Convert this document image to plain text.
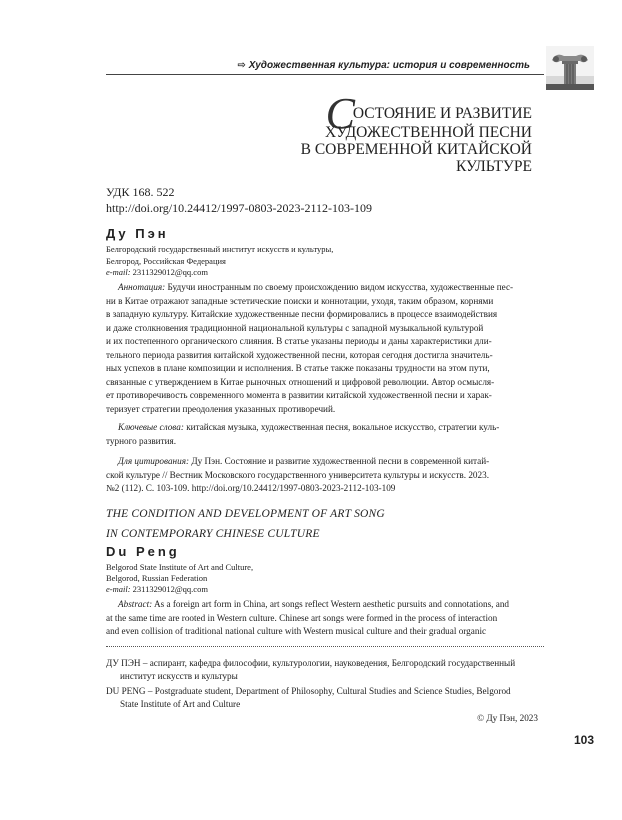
⇨ Художественная культура: история и современность
СОСТОЯНИЕ И РАЗВИТИЕ
ХУДОЖЕСТВЕННОЙ ПЕСНИ
В СОВРЕМЕННОЙ КИТАЙСКОЙ КУЛЬТУРЕ
УДК 168. 522
http://doi.org/10.24412/1997-0803-2023-2112-103-109
Ду Пэн
Белгородский государственный институт искусств и культуры,
Белгород, Российская Федерация
e-mail: 2311329012@qq.com
Аннотация: Будучи иностранным по своему происхождению видом искусства, художественные пес-
ни в Китае отражают западные эстетические поиски и коннотации, уходя, таким образом, корнями
в западную культуру. Китайские художественные песни формировались в процессе взаимодействия
и даже столкновения традиционной национальной культуры с западной музыкальной культурой
и их постепенного органического слияния. В статье указаны периоды и даны характеристики дли-
тельного периода развития китайской художественной песни, которая сегодня достигла значитель-
ных успехов в плане композиции и исполнения. В статье также показаны трудности на этом пути,
связанные с утверждением в Китае рыночных отношений и цифровой революции. Автор осмысля-
ет противоречивость современного момента в развитии китайской художественной песни и харак-
теризует стратегии преодоления указанных противоречий.
Ключевые слова: китайская музыка, художественная песня, вокальное искусство, стратегии куль-
турного развития.
Для цитирования: Ду Пэн. Состояние и развитие художественной песни в современной китай-
ской культуре // Вестник Московского государственного университета культуры и искусств. 2023.
№2 (112). С. 103-109. http://doi.org/10.24412/1997-0803-2023-2112-103-109
THE CONDITION AND DEVELOPMENT OF ART SONG
IN CONTEMPORARY CHINESE CULTURE
Du Peng
Belgorod State Institute of Art and Culture,
Belgorod, Russian Federation
e-mail: 2311329012@qq.com
Abstract: As a foreign art form in China, art songs reflect Western aesthetic pursuits and connotations, and
at the same time are rooted in Western culture. Chinese art songs were formed in the process of interaction
and even collision of traditional national culture with Western musical culture and their gradual organic
ДУ ПЭН – аспирант, кафедра философии, культурологии, науковедения, Белгородский государственный
институт искусств и культуры
DU PENG – Postgraduate student, Department of Philosophy, Cultural Studies and Science Studies, Belgorod
State Institute of Art and Culture
© Ду Пэн, 2023
103
